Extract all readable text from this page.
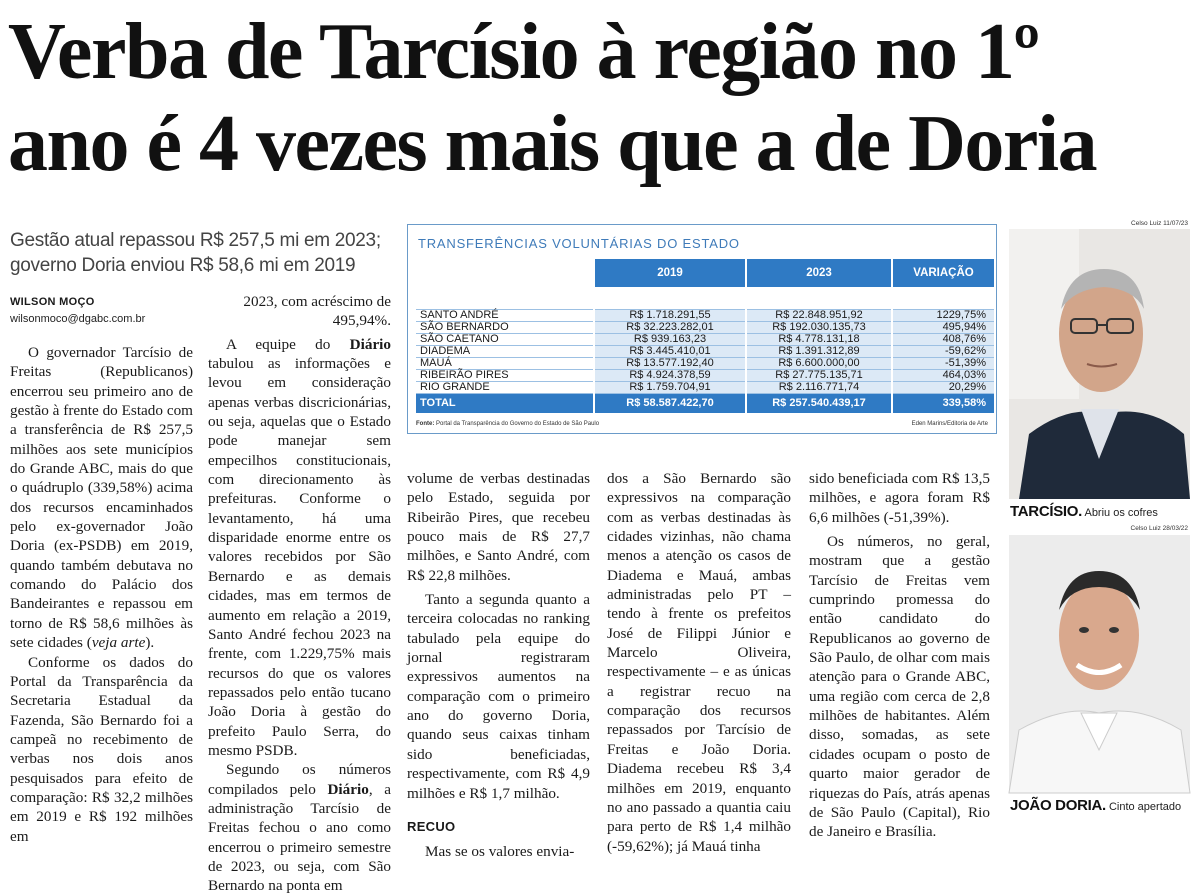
Verba de Tarcísio à região no 1º
ano é 4 vezes mais que a de Doria
Gestão atual repassou R$ 257,5 mi em 2023;
governo Doria enviou R$ 58,6 mi em 2019
WILSON MOÇO
wilsonmoco@dgabc.com.br

O governador Tarcísio de Freitas (Republicanos) encerrou seu primeiro ano de gestão à frente do Estado com a transferência de R$ 257,5 milhões aos sete municípios do Grande ABC, mais do que o quádruplo (339,58%) acima dos recursos encaminhados pelo ex-governador João Doria (ex-PSDB) em 2019, quando também debutava no comando do Palácio dos Bandeirantes e repassou em torno de R$ 58,6 milhões às sete cidades (veja arte).

Conforme os dados do Portal da Transparência da Secretaria Estadual da Fazenda, São Bernardo foi a campeã no recebimento de verbas nos dois anos pesquisados para efeito de comparação: R$ 32,2 milhões em 2019 e R$ 192 milhões em

2023, com acréscimo de 495,94%.

A equipe do Diário tabulou as informações e levou em consideração apenas verbas discricionárias, ou seja, aquelas que o Estado pode manejar sem empecilhos constitucionais, com direcionamento às prefeituras. Conforme o levantamento, há uma disparidade enorme entre os valores recebidos por São Bernardo e as demais cidades, mas em termos de aumento em relação a 2019, Santo André fechou 2023 na frente, com 1.229,75% mais recursos do que os valores repassados pelo então tucano João Doria à gestão do prefeito Paulo Serra, do mesmo PSDB.

Segundo os números compilados pelo Diário, a administração Tarcísio de Freitas fechou o ano como encerrou o primeiro semestre de 2023, ou seja, com São Bernardo na ponta em

TRANSFERÊNCIAS VOLUNTÁRIAS DO ESTADO
	2019	2023	VARIAÇÃO

SANTO ANDRÉ	R$ 1.718.291,55	R$ 22.848.951,92	1229,75%
SÃO BERNARDO	R$ 32.223.282,01	R$ 192.030.135,73	495,94%
SÃO CAETANO	R$ 939.163,23	R$ 4.778.131,18	408,76%
DIADEMA	R$ 3.445.410,01	R$ 1.391.312,89	-59,62%
MAUÁ	R$ 13.577.192,40	R$ 6.600.000,00	-51,39%
RIBEIRÃO PIRES	R$ 4.924.378,59	R$ 27.775.135,71	464,03%
RIO GRANDE	R$ 1.759.704,91	R$ 2.116.771,74	20,29%
TOTAL	R$ 58.587.422,70	R$ 257.540.439,17	339,58%
Fonte: Portal da Transparência do Governo do Estado de São Paulo	Eden Marins/Editoria de Arte

volume de verbas destinadas pelo Estado, seguida por Ribeirão Pires, que recebeu pouco mais de R$ 27,7 milhões, e Santo André, com R$ 22,8 milhões.

Tanto a segunda quanto a terceira colocadas no ranking tabulado pela equipe do jornal registraram expressivos aumentos na comparação com o primeiro ano do governo Doria, quando seus caixas tinham sido beneficiadas, respectivamente, com R$ 4,9 milhões e R$ 1,7 milhão.

RECUO

Mas se os valores envia-

dos a São Bernardo são expressivos na comparação com as verbas destinadas às cidades vizinhas, não chama menos a atenção os casos de Diadema e Mauá, ambas administradas pelo PT – tendo à frente os prefeitos José de Filippi Júnior e Marcelo Oliveira, respectivamente – e as únicas a registrar recuo na comparação dos recursos repassados por Tarcísio de Freitas e João Doria. Diadema recebeu R$ 3,4 milhões em 2019, enquanto no ano passado a quantia caiu para perto de R$ 1,4 milhão (-59,62%); já Mauá tinha

sido beneficiada com R$ 13,5 milhões, e agora foram R$ 6,6 milhões (-51,39%).

Os números, no geral, mostram que a gestão Tarcísio de Freitas vem cumprindo promessa do então candidato do Republicanos ao governo de São Paulo, de olhar com mais atenção para o Grande ABC, uma região com cerca de 2,8 milhões de habitantes. Além disso, somadas, as sete cidades ocupam o posto de quarto maior gerador de riquezas do País, atrás apenas de São Paulo (Capital), Rio de Janeiro e Brasília.

Celso Luiz 11/07/23
TARCÍSIO. Abriu os cofres
Celso Luiz 28/03/22
JOÃO DORIA. Cinto apertado
